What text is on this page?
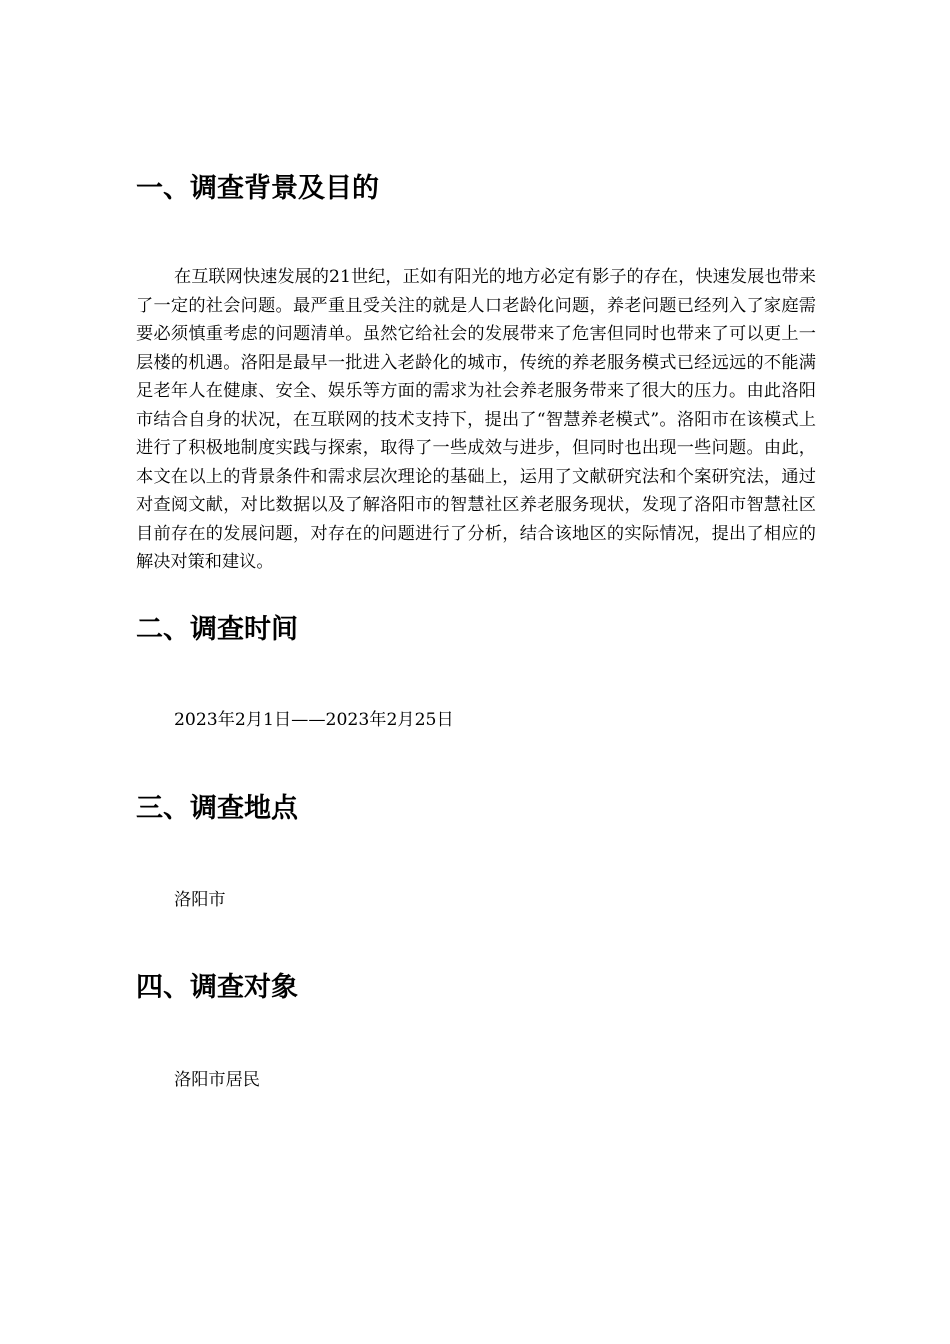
一、调查背景及目的

在互联网快速发展的21世纪，正如有阳光的地方必定有影子的存在，快速发展也带来了一定的社会问题。最严重且受关注的就是人口老龄化问题，养老问题已经列入了家庭需要必须慎重考虑的问题清单。虽然它给社会的发展带来了危害但同时也带来了可以更上一层楼的机遇。洛阳是最早一批进入老龄化的城市，传统的养老服务模式已经远远的不能满足老年人在健康、安全、娱乐等方面的需求为社会养老服务带来了很大的压力。由此洛阳市结合自身的状况，在互联网的技术支持下，提出了“智慧养老模式”。洛阳市在该模式上进行了积极地制度实践与探索，取得了一些成效与进步，但同时也出现一些问题。由此，本文在以上的背景条件和需求层次理论的基础上，运用了文献研究法和个案研究法，通过对查阅文献，对比数据以及了解洛阳市的智慧社区养老服务现状，发现了洛阳市智慧社区目前存在的发展问题，对存在的问题进行了分析，结合该地区的实际情况，提出了相应的解决对策和建议。

二、调查时间

2023年2月1日——2023年2月25日

三、调查地点

洛阳市

四、调查对象

洛阳市居民
